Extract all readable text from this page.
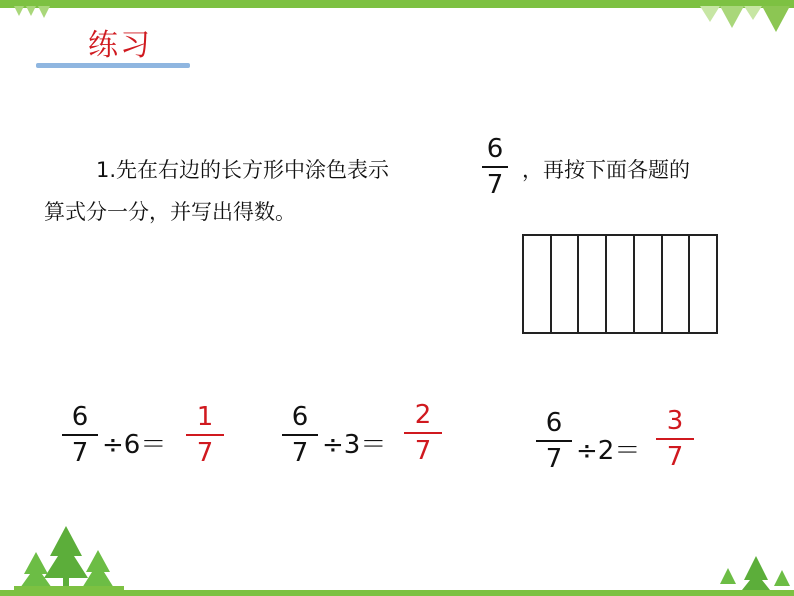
练习
1.先在右边的长方形中涂色表示
6
7 ，再按下面各题的
算式分一分，并写出得数。
6
7 ÷6＝
1
7
6
7 ÷3＝
2
7
6
7 ÷2＝
3
7
